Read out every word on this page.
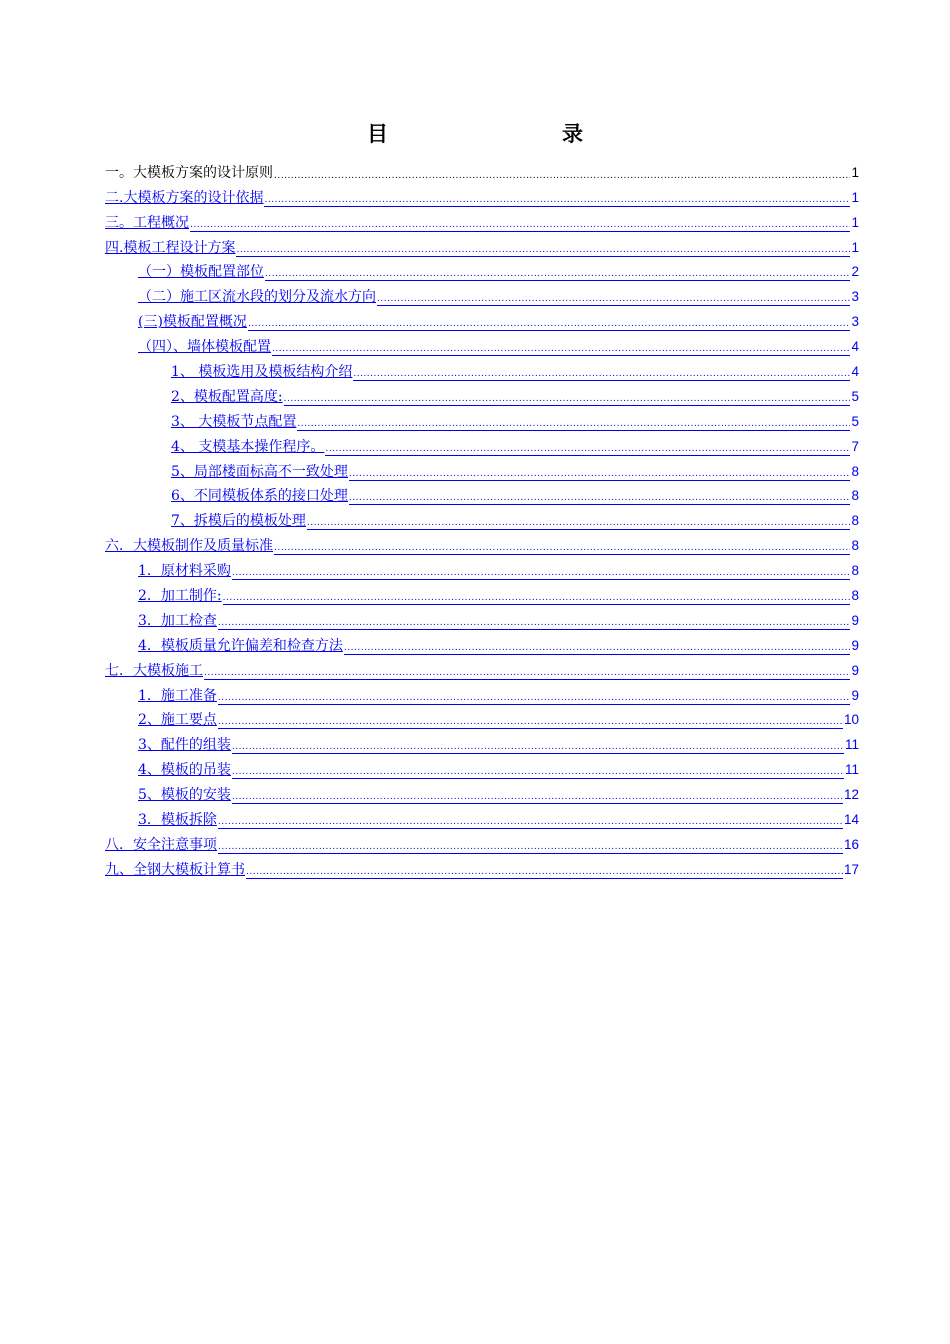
目　　录
一。大模板方案的设计原则 .....	1
二.大模板方案的设计依据 .....	1
三。工程概况 .....	1
四.模板工程设计方案 .....	1
（一）模板配置部位 .....	2
（二）施工区流水段的划分及流水方向 .....	3
(三)模板配置概况 .....	3
（四）、墙体模板配置 .....	4
1、 模板选用及模板结构介绍 .....	4
2、模板配置高度: .....	5
3、 大模板节点配置 .....	5
4、 支模基本操作程序。 .....	7
5、局部楼面标高不一致处理 .....	8
6、不同模板体系的接口处理 .....	8
7、拆模后的模板处理 .....	8
六．大模板制作及质量标准 .....	8
1．原材料采购 .....	8
2．加工制作: .....	8
3．加工检查 .....	9
4．模板质量允许偏差和检查方法 .....	9
七．大模板施工 .....	9
1．施工准备 .....	9
2、施工要点 .....	10
3、配件的组装 .....	11
4、模板的吊装 .....	11
5、模板的安装 .....	12
3．模板拆除 .....	14
八．安全注意事项 .....	16
九、全钢大模板计算书 .....	17
